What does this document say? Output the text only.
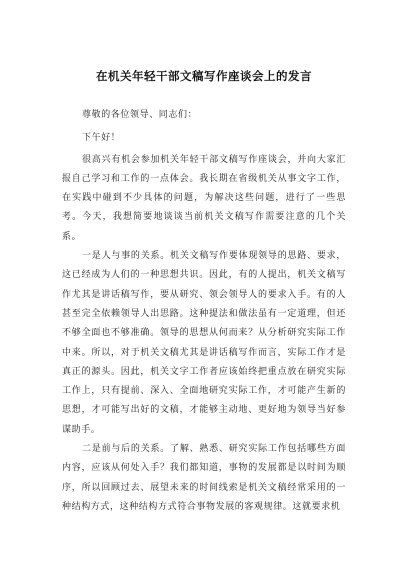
在机关年轻干部文稿写作座谈会上的发言

尊敬的各位领导、同志们：

下午好！

很高兴有机会参加机关年轻干部文稿写作座谈会，并向大家汇报自己学习和工作的一点体会。我长期在省级机关从事文字工作，在实践中碰到不少具体的问题，为解决这些问题，进行了一些思考。今天，我想简要地谈谈当前机关文稿写作需要注意的几个关系。

一是人与事的关系。机关文稿写作要体现领导的思路、要求，这已经成为人们的一种思想共识。因此，有的人提出，机关文稿写作尤其是讲话稿写作，要从研究、领会领导人的要求入手。有的人甚至完全依赖领导人出思路。这种提法和做法虽有一定道理，但还不够全面也不够准确。领导的思想从何而来？从分析研究实际工作中来。所以，对于机关文稿尤其是讲话稿写作而言，实际工作才是真正的源头。因此，机关文字工作者应该始终把重点放在研究实际工作上，只有提前、深入、全面地研究实际工作，才可能产生新的思想，才可能写出好的文稿，才能够主动地、更好地为领导当好参谋助手。

二是前与后的关系。了解、熟悉、研究实际工作包括哪些方面内容，应该从何处入手？我们都知道，事物的发展都是以时间为顺序，所以回顾过去、展望未来的时间线索是机关文稿经常采用的一种结构方式，这种结构方式符合事物发展的客观规律。这就要求机
